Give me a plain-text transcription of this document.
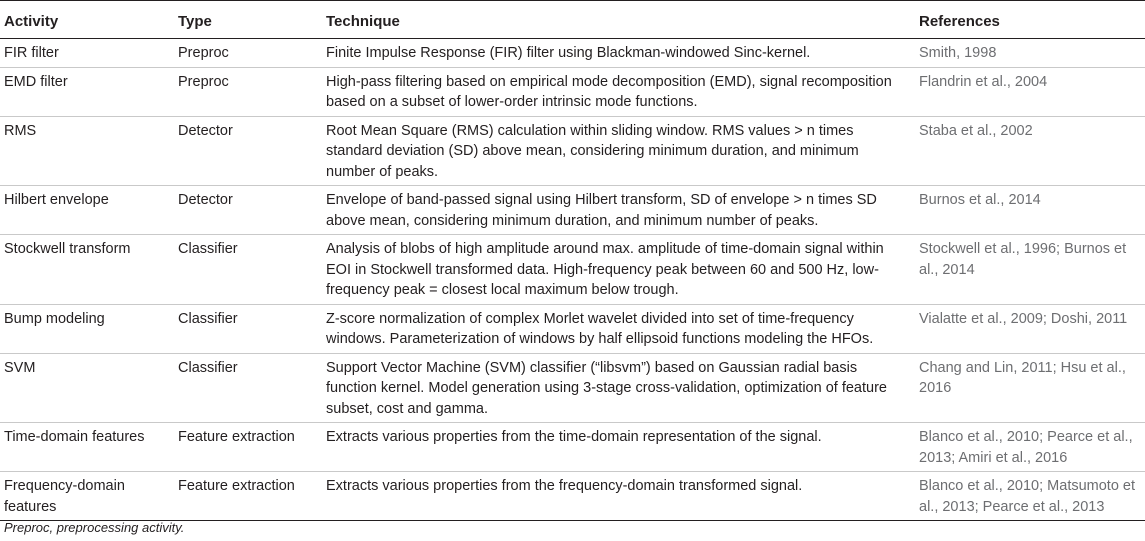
Activity	Type	Technique	References
FIR filter	Preproc	Finite Impulse Response (FIR) filter using Blackman-windowed Sinc-kernel.	Smith, 1998
EMD filter	Preproc	High-pass filtering based on empirical mode decomposition (EMD), signal recomposition based on a subset of lower-order intrinsic mode functions.	Flandrin et al., 2004
RMS	Detector	Root Mean Square (RMS) calculation within sliding window. RMS values > n times standard deviation (SD) above mean, considering minimum duration, and minimum number of peaks.	Staba et al., 2002
Hilbert envelope	Detector	Envelope of band-passed signal using Hilbert transform, SD of envelope > n times SD above mean, considering minimum duration, and minimum number of peaks.	Burnos et al., 2014
Stockwell transform	Classifier	Analysis of blobs of high amplitude around max. amplitude of time-domain signal within EOI in Stockwell transformed data. High-frequency peak between 60 and 500 Hz, low-frequency peak = closest local maximum below trough.	Stockwell et al., 1996; Burnos et al., 2014
Bump modeling	Classifier	Z-score normalization of complex Morlet wavelet divided into set of time-frequency windows. Parameterization of windows by half ellipsoid functions modeling the HFOs.	Vialatte et al., 2009; Doshi, 2011
SVM	Classifier	Support Vector Machine (SVM) classifier (“libsvm”) based on Gaussian radial basis function kernel. Model generation using 3-stage cross-validation, optimization of feature subset, cost and gamma.	Chang and Lin, 2011; Hsu et al., 2016
Time-domain features	Feature extraction	Extracts various properties from the time-domain representation of the signal.	Blanco et al., 2010; Pearce et al., 2013; Amiri et al., 2016
Frequency-domain features	Feature extraction	Extracts various properties from the frequency-domain transformed signal.	Blanco et al., 2010; Matsumoto et al., 2013; Pearce et al., 2013
Preproc, preprocessing activity.
